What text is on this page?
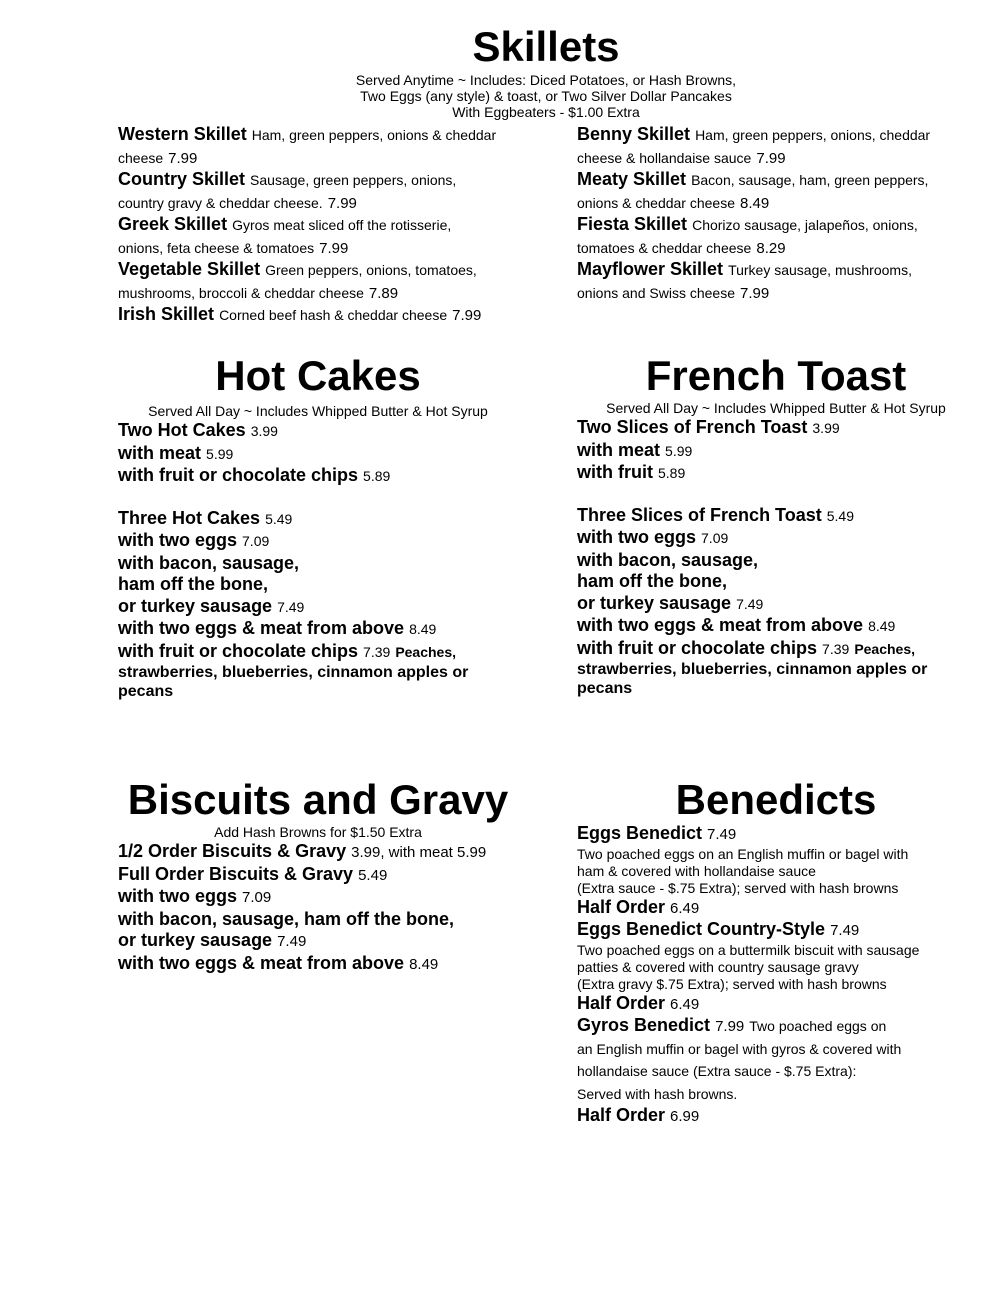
Skillets
Served Anytime ~ Includes: Diced Potatoes, or Hash Browns,
Two Eggs (any style) & toast, or Two Silver Dollar Pancakes
With Eggbeaters - $1.00 Extra
Western Skillet Ham, green peppers, onions & cheddar
cheese 7.99
Country Skillet Sausage, green peppers, onions,
country gravy & cheddar cheese. 7.99
Greek Skillet Gyros meat sliced off the rotisserie,
onions, feta cheese & tomatoes 7.99
Vegetable Skillet Green peppers, onions, tomatoes,
mushrooms, broccoli & cheddar cheese 7.89
Irish Skillet Corned beef hash & cheddar cheese 7.99
Benny Skillet Ham, green peppers, onions, cheddar
cheese & hollandaise sauce 7.99
Meaty Skillet Bacon, sausage, ham, green peppers,
onions & cheddar cheese 8.49
Fiesta Skillet Chorizo sausage, jalapeños, onions,
tomatoes & cheddar cheese 8.29
Mayflower Skillet Turkey sausage, mushrooms,
onions and Swiss cheese 7.99
Hot Cakes
Served All Day ~ Includes Whipped Butter & Hot Syrup
Two Hot Cakes 3.99
with meat 5.99
with fruit or chocolate chips 5.89
Three Hot Cakes 5.49
with two eggs 7.09
with bacon, sausage,
ham off the bone,
or turkey sausage 7.49
with two eggs & meat from above 8.49
with fruit or chocolate chips 7.39 Peaches,
strawberries, blueberries, cinnamon apples or
pecans
French Toast
Served All Day ~ Includes Whipped Butter & Hot Syrup
Two Slices of French Toast 3.99
with meat 5.99
with fruit 5.89
Three Slices of French Toast 5.49
with two eggs 7.09
with bacon, sausage,
ham off the bone,
or turkey sausage 7.49
with two eggs & meat from above 8.49
with fruit or chocolate chips 7.39 Peaches,
strawberries, blueberries, cinnamon apples or
pecans
Biscuits and Gravy
Add Hash Browns for $1.50 Extra
1/2 Order Biscuits & Gravy 3.99, with meat 5.99
Full Order Biscuits & Gravy 5.49
with two eggs 7.09
with bacon, sausage, ham off the bone,
or turkey sausage 7.49
with two eggs & meat from above 8.49
Benedicts
Eggs Benedict 7.49
Two poached eggs on an English muffin or bagel with
ham & covered with hollandaise sauce
(Extra sauce - $.75 Extra); served with hash browns
Half Order 6.49
Eggs Benedict Country-Style 7.49
Two poached eggs on a buttermilk biscuit with sausage
patties & covered with country sausage gravy
(Extra gravy $.75 Extra); served with hash browns
Half Order 6.49
Gyros Benedict 7.99 Two poached eggs on
an English muffin or bagel with gyros & covered with
hollandaise sauce (Extra sauce - $.75 Extra):
Served with hash browns.
Half Order 6.99
